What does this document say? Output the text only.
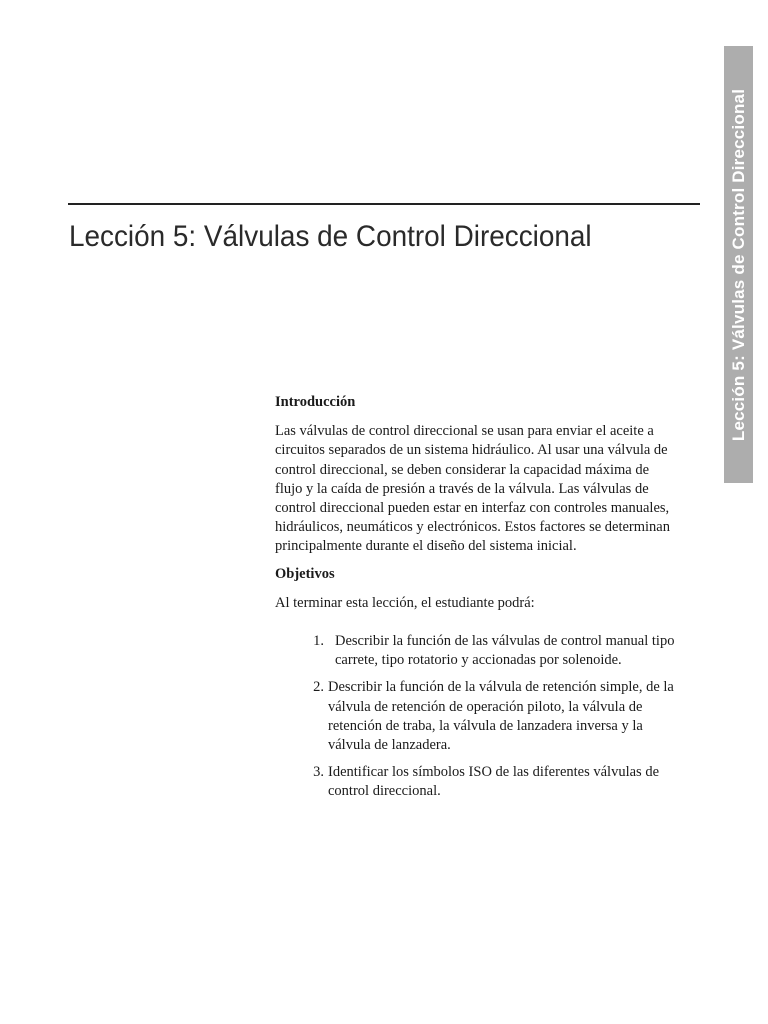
Lección 5: Válvulas de Control Direccional
Lección 5: Válvulas de Control Direccional
Introducción
Las válvulas de control direccional se usan para enviar el aceite a
circuitos separados de un sistema hidráulico. Al usar una válvula de
control direccional, se deben considerar la capacidad máxima de
flujo y la caída de presión a través de la válvula. Las válvulas de
control direccional pueden estar en interfaz con controles manuales,
hidráulicos, neumáticos y electrónicos. Estos factores se determinan
principalmente durante el diseño del sistema inicial.
Objetivos
Al terminar esta lección, el estudiante podrá:
1. Describir la función de las válvulas de control manual tipo
carrete, tipo rotatorio y accionadas por solenoide.
2. Describir la función de la válvula de retención simple, de la
válvula de retención de operación piloto, la válvula de
retención de traba, la válvula de lanzadera inversa y la
válvula de lanzadera.
3. Identificar los símbolos ISO de las diferentes válvulas de
control direccional.
